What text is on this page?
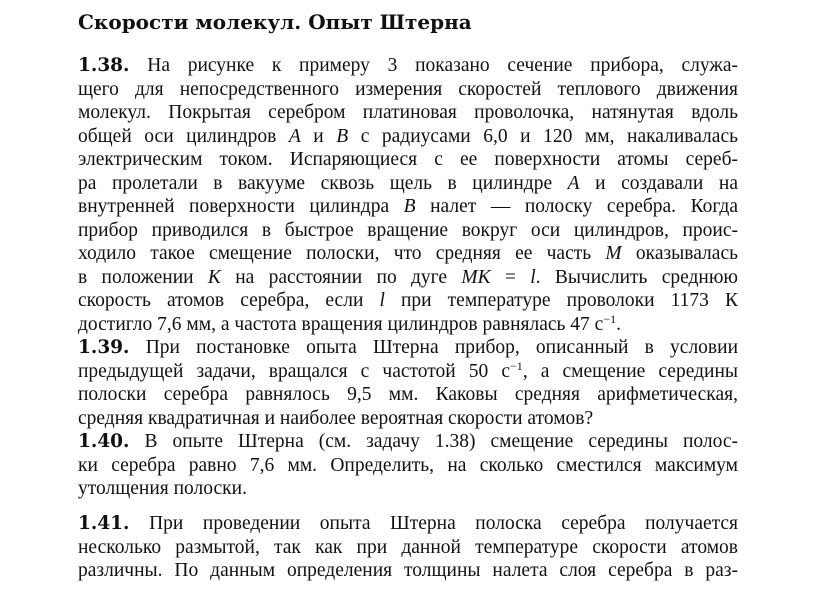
Скорости молекул. Опыт Штерна
1.38. На рисунке к примеру 3 показано сечение прибора, служа-
щего для непосредственного измерения скоростей теплового движения
молекул. Покрытая серебром платиновая проволочка, натянутая вдоль
общей оси цилиндров A и B с радиусами 6,0 и 120 мм, накаливалась
электрическим током. Испаряющиеся с ее поверхности атомы сереб-
ра пролетали в вакууме сквозь щель в цилиндре A и создавали на
внутренней поверхности цилиндра B налет — полоску серебра. Когда
прибор приводился в быстрое вращение вокруг оси цилиндров, проис-
ходило такое смещение полоски, что средняя ее часть M оказывалась
в положении K на расстоянии по дуге MK = l. Вычислить среднюю
скорость атомов серебра, если l при температуре проволоки 1173 К
достигло 7,6 мм, а частота вращения цилиндров равнялась 47 $с^{-1}$.
1.39. При постановке опыта Штерна прибор, описанный в условии
предыдущей задачи, вращался с частотой 50 $с^{-1}$, а смещение середины
полоски серебра равнялось 9,5 мм. Каковы средняя арифметическая,
средняя квадратичная и наиболее вероятная скорости атомов?
1.40. В опыте Штерна (см. задачу 1.38) смещение середины полос-
ки серебра равно 7,6 мм. Определить, на сколько сместился максимум
утолщения полоски.
1.41. При проведении опыта Штерна полоска серебра получается
несколько размытой, так как при данной температуре скорости атомов
различны. По данным определения толщины налета слоя серебра в раз-
